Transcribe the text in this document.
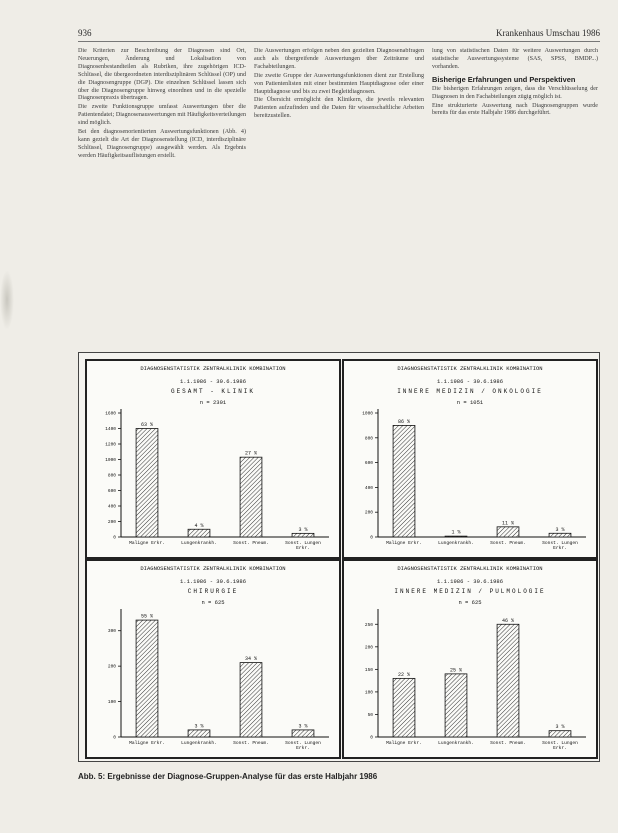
936	Krankenhaus Umschau 1986

Die Kriterien zur Beschreibung der Diagnosen sind Ort, Neuerungen, Änderung und Lokalisation von Diagnosenbestandteilen als Rubriken, ihre zugehörigen ICD-Schlüssel, die übergeordneten interdisziplinären Schlüssel (OP) und die Diagnosengruppe (DGP). Die einzelnen Schlüssel lassen sich über die Diagnosengruppe hinweg einordnen und in die spezielle Diagnosenpraxis übertragen.

Die zweite Funktionsgruppe umfasst Auswertungen über die Patientendatei; Diagnosenauswertungen mit Häufigkeitsverteilungen sind möglich.

Bei den diagnosenorientierten Auswertungsfunktionen (Abb. 4) kann gezielt die Art der Diagnosenstellung (ICD, interdisziplinäre Schlüssel, Diagnosengruppe) ausgewählt werden. Als Ergebnis werden Häufigkeitsauflistungen erstellt.

Die Auswertungen erfolgen neben den gezielten Diagnosenabfragen auch als übergreifende Auswertungen über Zeiträume und Fachabteilungen.

Die zweite Gruppe der Auswertungsfunktionen dient zur Erstellung von Patientenlisten mit einer bestimmten Hauptdiagnose oder einer Hauptdiagnose und bis zu zwei Begleitdiagnosen.

Die Übersicht ermöglicht den Klinikern, die jeweils relevanten Patienten aufzufinden und die Daten für wissenschaftliche Arbeiten bereitzustellen.

lung von statistischen Daten für weitere Auswertungen durch statistische Auswertungssysteme (SAS, SPSS, BMDP...) vorhanden.

Bisherige Erfahrungen und Perspektiven

Die bisherigen Erfahrungen zeigen, dass die Verschlüsselung der Diagnosen in den Fachabteilungen zügig möglich ist.

Eine strukturierte Auswertung nach Diagnosengruppen wurde bereits für das erste Halbjahr 1986 durchgeführt.

DIAGNOSENSTATISTIK ZENTRALKLINIK KOMBINATION
1.1.1986 - 30.6.1986
GESAMT - KLINIK
n = 2301
0
200
400
600
800
1000
1200
1400
1600
63 %
Maligne Erkr.
4 %
Lungenkrankh.
27 %
Sonst. Pneum.
3 %
Sonst. Lungen Erkr.
DIAGNOSENSTATISTIK ZENTRALKLINIK KOMBINATION
1.1.1986 - 30.6.1986
INNERE MEDIZIN / ONKOLOGIE
n = 1051
0
200
400
600
800
1000
86 %
Maligne Erkr.
1 %
Lungenkrankh.
11 %
Sonst. Pneum.
3 %
Sonst. Lungen Erkr.
DIAGNOSENSTATISTIK ZENTRALKLINIK KOMBINATION
1.1.1986 - 30.6.1986
CHIRURGIE
n = 625
0
100
200
300
55 %
Maligne Erkr.
3 %
Lungenkrankh.
34 %
Sonst. Pneum.
3 %
Sonst. Lungen Erkr.
DIAGNOSENSTATISTIK ZENTRALKLINIK KOMBINATION
1.1.1986 - 30.6.1986
INNERE MEDIZIN / PULMOLOGIE
n = 625
0
50
100
150
200
250
22 %
Maligne Erkr.
25 %
Lungenkrankh.
46 %
Sonst. Pneum.
3 %
Sonst. Lungen Erkr.
Abb. 5: Ergebnisse der Diagnose-Gruppen-Analyse für das erste Halbjahr 1986
